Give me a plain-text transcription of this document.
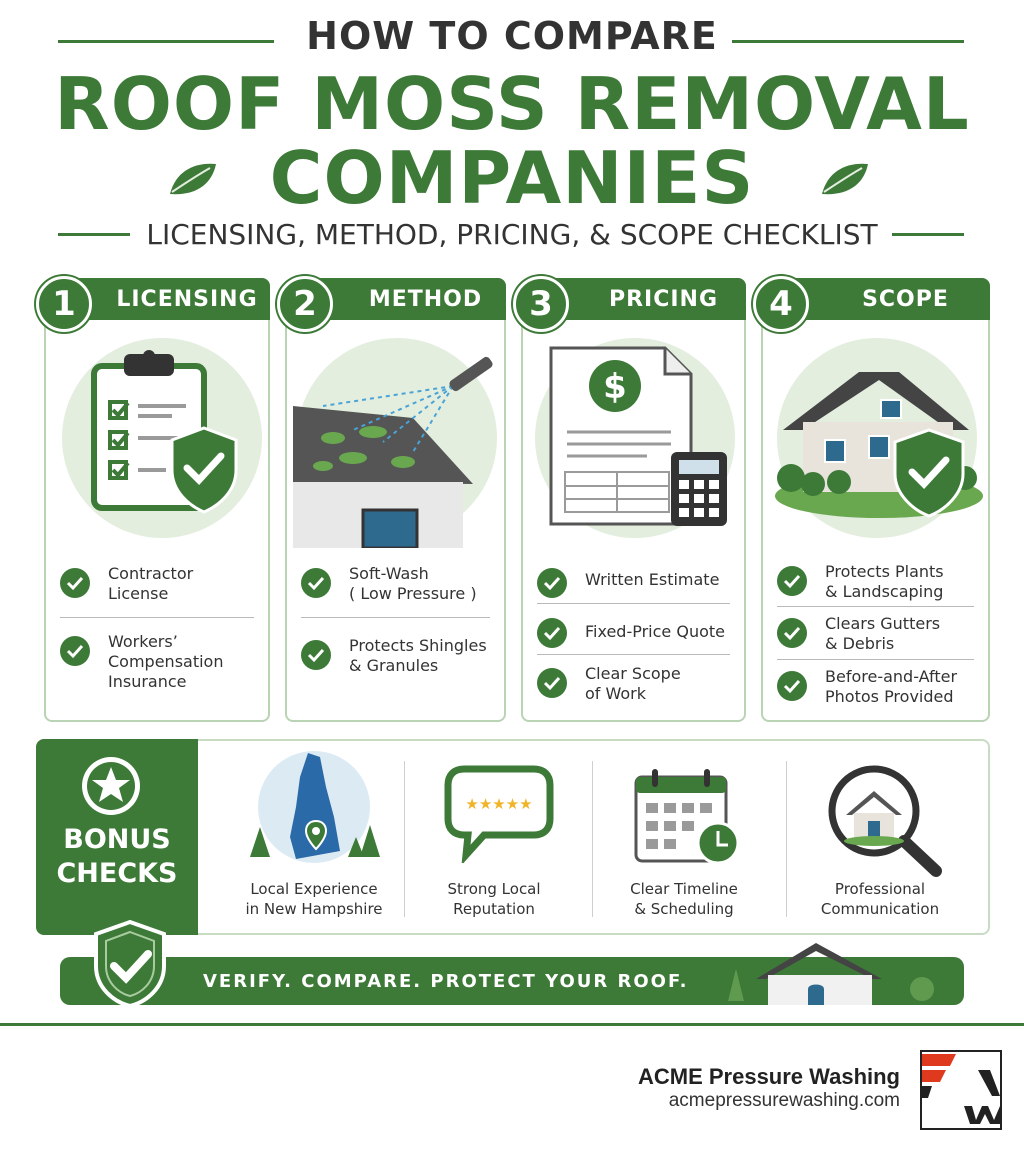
HOW TO COMPARE
ROOF MOSS REMOVAL
COMPANIES
LICENSING, METHOD, PRICING, & SCOPE CHECKLIST
LICENSING
1
Contractor
License
Workers’
Compensation
Insurance
METHOD
2
Soft-Wash
( Low Pressure )
Protects Shingles
& Granules
PRICING
3
$
Written Estimate
Fixed-Price Quote
Clear Scope
of Work
SCOPE
4
Protects Plants
& Landscaping
Clears Gutters
& Debris
Before-and-After
Photos Provided
BONUS
CHECKS	Local Experience
in New Hampshire
★★★★★
Strong Local
Reputation
Clear Timeline
& Scheduling
Professional
Communication
VERIFY. COMPARE. PROTECT YOUR ROOF.
ACME Pressure Washing
acmepressurewashing.com
